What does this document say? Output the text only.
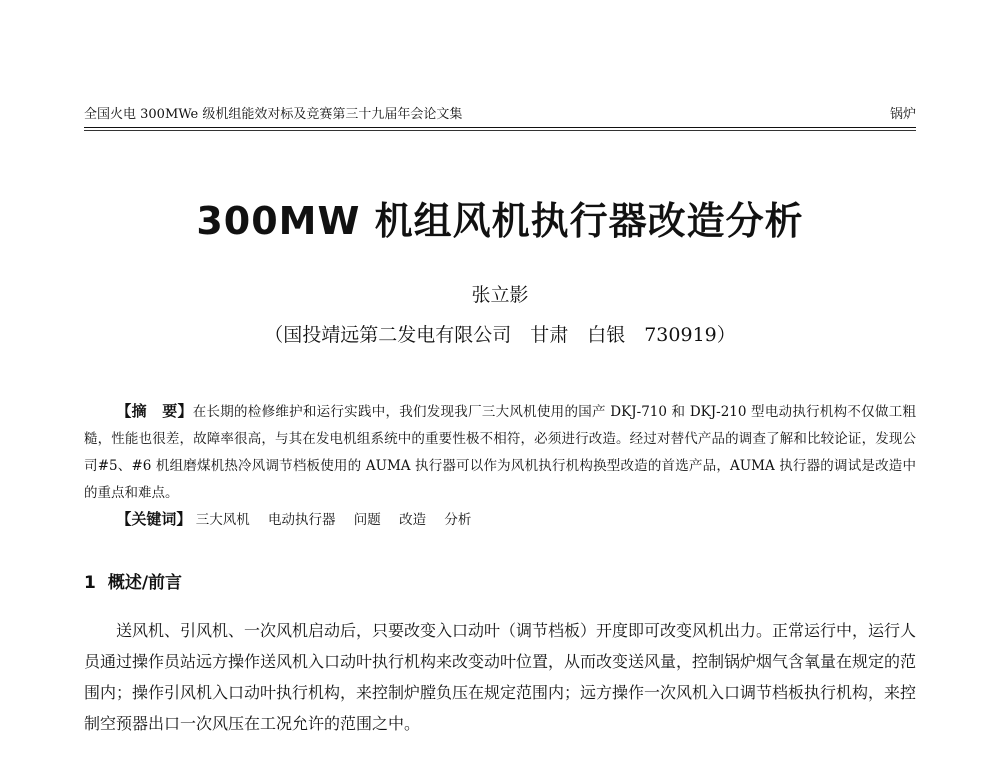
全国火电 300MWe 级机组能效对标及竞赛第三十九届年会论文集	锅炉
300MW 机组风机执行器改造分析
张立影
（国投靖远第二发电有限公司　甘肃　白银　730919）

【摘　要】在长期的检修维护和运行实践中，我们发现我厂三大风机使用的国产 DKJ-710 和 DKJ-210 型电动执行机构不仅做工粗糙，性能也很差，故障率很高，与其在发电机组系统中的重要性极不相符，必须进行改造。经过对替代产品的调查了解和比较论证，发现公司#5、#6 机组磨煤机热冷风调节档板使用的 AUMA 执行器可以作为风机执行机构换型改造的首选产品，AUMA 执行器的调试是改造中的重点和难点。

【关键词】 三大风机 电动执行器 问题 改造 分析
1 概述/前言

送风机、引风机、一次风机启动后，只要改变入口动叶（调节档板）开度即可改变风机出力。正常运行中，运行人员通过操作员站远方操作送风机入口动叶执行机构来改变动叶位置，从而改变送风量，控制锅炉烟气含氧量在规定的范围内；操作引风机入口动叶执行机构，来控制炉膛负压在规定范围内；远方操作一次风机入口调节档板执行机构，来控制空预器出口一次风压在工况允许的范围之中。
